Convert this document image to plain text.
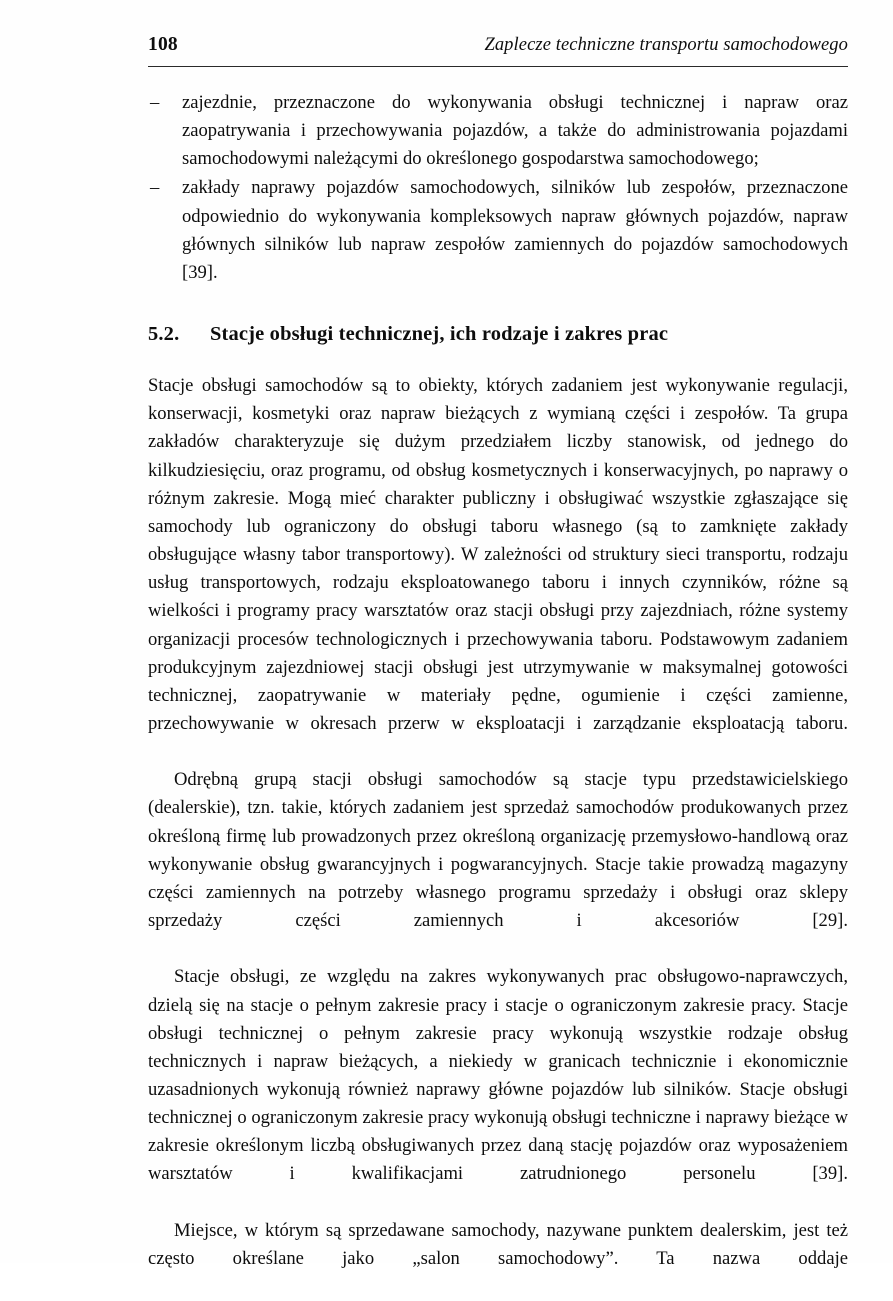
108	Zaplecze techniczne transportu samochodowego
– zajezdnie, przeznaczone do wykonywania obsługi technicznej i napraw oraz zaopatrywania i przechowywania pojazdów, a także do administrowania pojazdami samochodowymi należącymi do określonego gospodarstwa samochodowego;
– zakłady naprawy pojazdów samochodowych, silników lub zespołów, przeznaczone odpowiednio do wykonywania kompleksowych napraw głównych pojazdów, napraw głównych silników lub napraw zespołów zamiennych do pojazdów samochodowych [39].
5.2.	Stacje obsługi technicznej, ich rodzaje i zakres prac

Stacje obsługi samochodów są to obiekty, których zadaniem jest wykonywanie regulacji, konserwacji, kosmetyki oraz napraw bieżących z wymianą części i zespołów. Ta grupa zakładów charakteryzuje się dużym przedziałem liczby stanowisk, od jednego do kilkudziesięciu, oraz programu, od obsług kosmetycznych i konserwacyjnych, po naprawy o różnym zakresie. Mogą mieć charakter publiczny i obsługiwać wszystkie zgłaszające się samochody lub ograniczony do obsługi taboru własnego (są to zamknięte zakłady obsługujące własny tabor transportowy). W zależności od struktury sieci transportu, rodzaju usług transportowych, rodzaju eksploatowanego taboru i innych czynników, różne są wielkości i programy pracy warsztatów oraz stacji obsługi przy zajezdniach, różne systemy organizacji procesów technologicznych i przechowywania taboru. Podstawowym zadaniem produkcyjnym zajezdniowej stacji obsługi jest utrzymywanie w maksymalnej gotowości technicznej, zaopatrywanie w materiały pędne, ogumienie i części zamienne, przechowywanie w okresach przerw w eksploatacji i zarządzanie eksploatacją taboru.

Odrębną grupą stacji obsługi samochodów są stacje typu przedstawicielskiego (dealerskie), tzn. takie, których zadaniem jest sprzedaż samochodów produkowanych przez określoną firmę lub prowadzonych przez określoną organizację przemysłowo-handlową oraz wykonywanie obsług gwarancyjnych i pogwarancyjnych. Stacje takie prowadzą magazyny części zamiennych na potrzeby własnego programu sprzedaży i obsługi oraz sklepy sprzedaży części zamiennych i akcesoriów [29].

Stacje obsługi, ze względu na zakres wykonywanych prac obsługowo-naprawczych, dzielą się na stacje o pełnym zakresie pracy i stacje o ograniczonym zakresie pracy. Stacje obsługi technicznej o pełnym zakresie pracy wykonują wszystkie rodzaje obsług technicznych i napraw bieżących, a niekiedy w granicach technicznie i ekonomicznie uzasadnionych wykonują również naprawy główne pojazdów lub silników. Stacje obsługi technicznej o ograniczonym zakresie pracy wykonują obsługi techniczne i naprawy bieżące w zakresie określonym liczbą obsługiwanych przez daną stację pojazdów oraz wyposażeniem warsztatów i kwalifikacjami zatrudnionego personelu [39].

Miejsce, w którym są sprzedawane samochody, nazywane punktem dealerskim, jest też często określane jako „salon samochodowy”. Ta nazwa oddaje
